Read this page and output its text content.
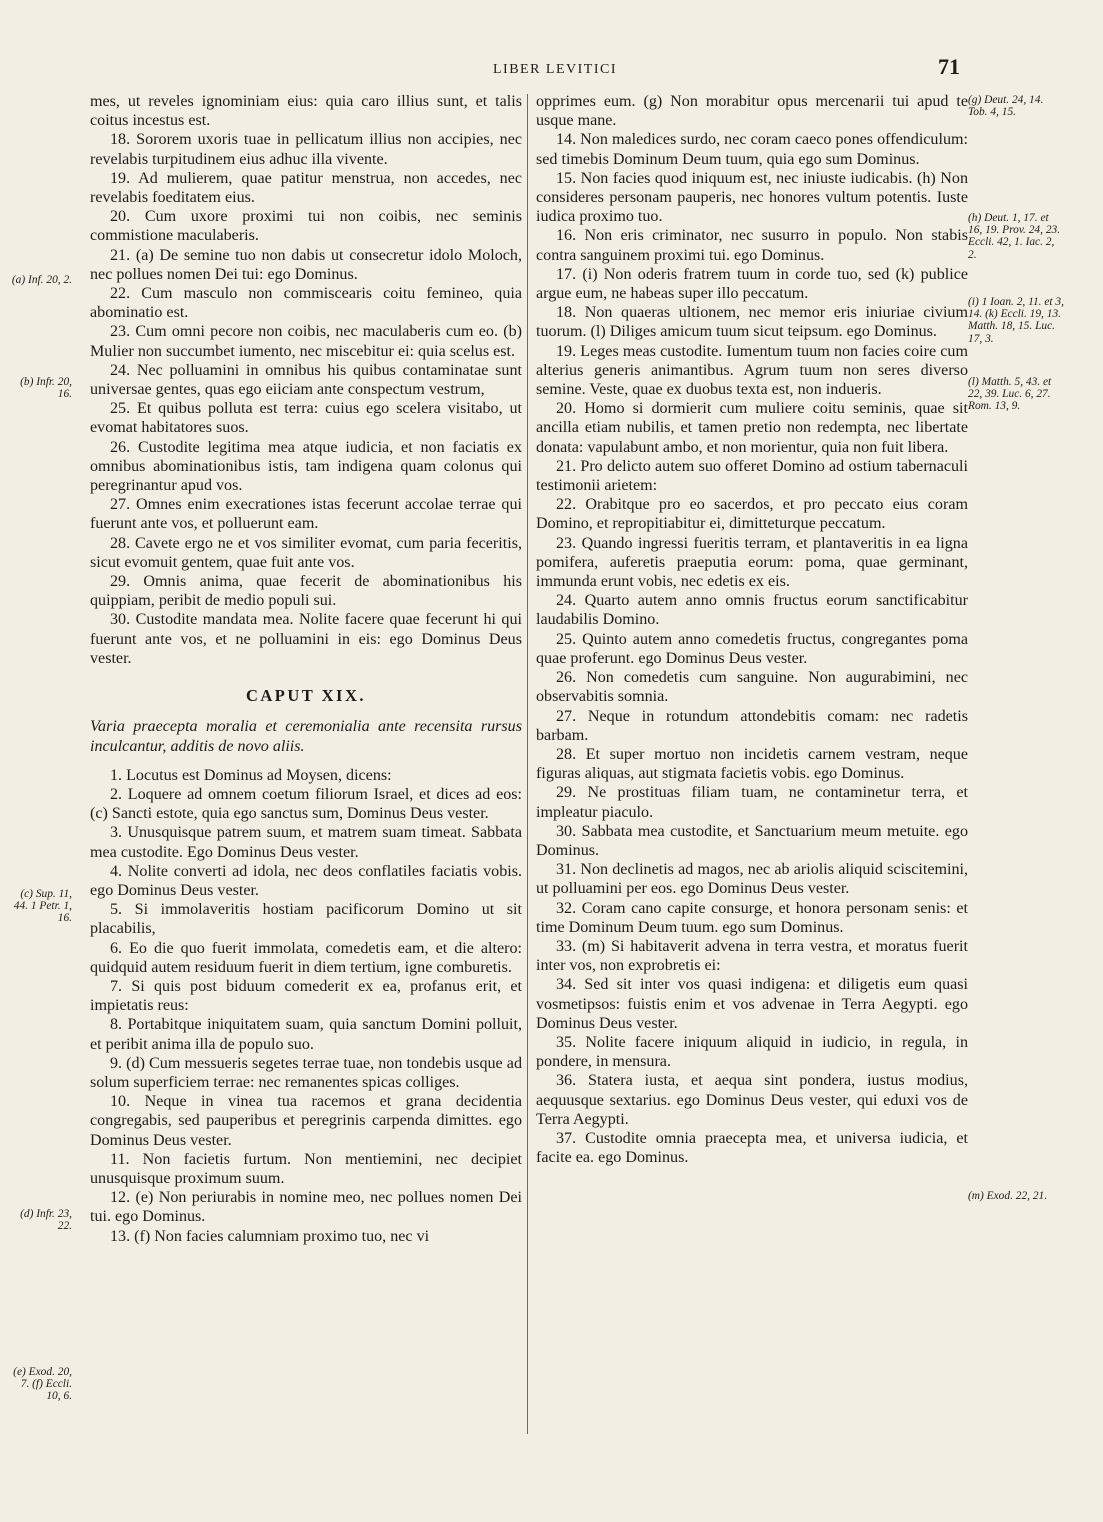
LIBER LEVITICI	71

mes, ut reveles ignominiam eius: quia caro illius sunt, et talis coitus incestus est.

18. Sororem uxoris tuae in pellicatum illius non accipies, nec revelabis turpitudinem eius adhuc illa vivente.

19. Ad mulierem, quae patitur menstrua, non accedes, nec revelabis foeditatem eius.

20. Cum uxore proximi tui non coibis, nec seminis commistione maculaberis.

21. (a) De semine tuo non dabis ut consecretur idolo Moloch, nec pollues nomen Dei tui: ego Dominus.

22. Cum masculo non commiscearis coitu femineo, quia abominatio est.

23. Cum omni pecore non coibis, nec maculaberis cum eo. (b) Mulier non succumbet iumento, nec miscebitur ei: quia scelus est.

24. Nec polluamini in omnibus his quibus contaminatae sunt universae gentes, quas ego eiiciam ante conspectum vestrum,

25. Et quibus polluta est terra: cuius ego scelera visitabo, ut evomat habitatores suos.

26. Custodite legitima mea atque iudicia, et non faciatis ex omnibus abominationibus istis, tam indigena quam colonus qui peregrinantur apud vos.

27. Omnes enim execrationes istas fecerunt accolae terrae qui fuerunt ante vos, et polluerunt eam.

28. Cavete ergo ne et vos similiter evomat, cum paria feceritis, sicut evomuit gentem, quae fuit ante vos.

29. Omnis anima, quae fecerit de abominationibus his quippiam, peribit de medio populi sui.

30. Custodite mandata mea. Nolite facere quae fecerunt hi qui fuerunt ante vos, et ne polluamini in eis: ego Dominus Deus vester.

CAPUT XIX.

Varia praecepta moralia et ceremonialia ante recensita rursus inculcantur, additis de novo aliis.

1. Locutus est Dominus ad Moysen, dicens:

2. Loquere ad omnem coetum filiorum Israel, et dices ad eos: (c) Sancti estote, quia ego sanctus sum, Dominus Deus vester.

3. Unusquisque patrem suum, et matrem suam timeat. Sabbata mea custodite. Ego Dominus Deus vester.

4. Nolite converti ad idola, nec deos conflatiles faciatis vobis. ego Dominus Deus vester.

5. Si immolaveritis hostiam pacificorum Domino ut sit placabilis,

6. Eo die quo fuerit immolata, comedetis eam, et die altero: quidquid autem residuum fuerit in diem tertium, igne comburetis.

7. Si quis post biduum comederit ex ea, profanus erit, et impietatis reus:

8. Portabitque iniquitatem suam, quia sanctum Domini polluit, et peribit anima illa de populo suo.

9. (d) Cum messueris segetes terrae tuae, non tondebis usque ad solum superficiem terrae: nec remanentes spicas colliges.

10. Neque in vinea tua racemos et grana decidentia congregabis, sed pauperibus et peregrinis carpenda dimittes. ego Dominus Deus vester.

11. Non facietis furtum. Non mentiemini, nec decipiet unusquisque proximum suum.

12. (e) Non periurabis in nomine meo, nec pollues nomen Dei tui. ego Dominus.

13. (f) Non facies calumniam proximo tuo, nec vi

opprimes eum. (g) Non morabitur opus mercenarii tui apud te usque mane.

14. Non maledices surdo, nec coram caeco pones offendiculum: sed timebis Dominum Deum tuum, quia ego sum Dominus.

15. Non facies quod iniquum est, nec iniuste iudicabis. (h) Non consideres personam pauperis, nec honores vultum potentis. Iuste iudica proximo tuo.

16. Non eris criminator, nec susurro in populo. Non stabis contra sanguinem proximi tui. ego Dominus.

17. (i) Non oderis fratrem tuum in corde tuo, sed (k) publice argue eum, ne habeas super illo peccatum.

18. Non quaeras ultionem, nec memor eris iniuriae civium tuorum. (l) Diliges amicum tuum sicut teipsum. ego Dominus.

19. Leges meas custodite. Iumentum tuum non facies coire cum alterius generis animantibus. Agrum tuum non seres diverso semine. Veste, quae ex duobus texta est, non indueris.

20. Homo si dormierit cum muliere coitu seminis, quae sit ancilla etiam nubilis, et tamen pretio non redempta, nec libertate donata: vapulabunt ambo, et non morientur, quia non fuit libera.

21. Pro delicto autem suo offeret Domino ad ostium tabernaculi testimonii arietem:

22. Orabitque pro eo sacerdos, et pro peccato eius coram Domino, et repropitiabitur ei, dimitteturque peccatum.

23. Quando ingressi fueritis terram, et plantaveritis in ea ligna pomifera, auferetis praeputia eorum: poma, quae germinant, immunda erunt vobis, nec edetis ex eis.

24. Quarto autem anno omnis fructus eorum sanctificabitur laudabilis Domino.

25. Quinto autem anno comedetis fructus, congregantes poma quae proferunt. ego Dominus Deus vester.

26. Non comedetis cum sanguine. Non augurabimini, nec observabitis somnia.

27. Neque in rotundum attondebitis comam: nec radetis barbam.

28. Et super mortuo non incidetis carnem vestram, neque figuras aliquas, aut stigmata facietis vobis. ego Dominus.

29. Ne prostituas filiam tuam, ne contaminetur terra, et impleatur piaculo.

30. Sabbata mea custodite, et Sanctuarium meum metuite. ego Dominus.

31. Non declinetis ad magos, nec ab ariolis aliquid sciscitemini, ut polluamini per eos. ego Dominus Deus vester.

32. Coram cano capite consurge, et honora personam senis: et time Dominum Deum tuum. ego sum Dominus.

33. (m) Si habitaverit advena in terra vestra, et moratus fuerit inter vos, non exprobretis ei:

34. Sed sit inter vos quasi indigena: et diligetis eum quasi vosmetipsos: fuistis enim et vos advenae in Terra Aegypti. ego Dominus Deus vester.

35. Nolite facere iniquum aliquid in iudicio, in regula, in pondere, in mensura.

36. Statera iusta, et aequa sint pondera, iustus modius, aequusque sextarius. ego Dominus Deus vester, qui eduxi vos de Terra Aegypti.

37. Custodite omnia praecepta mea, et universa iudicia, et facite ea. ego Dominus.

(a) Inf. 20, 2.
(b) Infr. 20, 16.
(c) Sup. 11, 44. 1 Petr. 1, 16.
(d) Infr. 23, 22.
(e) Exod. 20, 7. (f) Eccli. 10, 6.
(g) Deut. 24, 14. Tob. 4, 15.
(h) Deut. 1, 17. et 16, 19. Prov. 24, 23. Eccli. 42, 1. Iac. 2, 2.
(i) 1 Ioan. 2, 11. et 3, 14. (k) Eccli. 19, 13. Matth. 18, 15. Luc. 17, 3.
(l) Matth. 5, 43. et 22, 39. Luc. 6, 27. Rom. 13, 9.
(m) Exod. 22, 21.
